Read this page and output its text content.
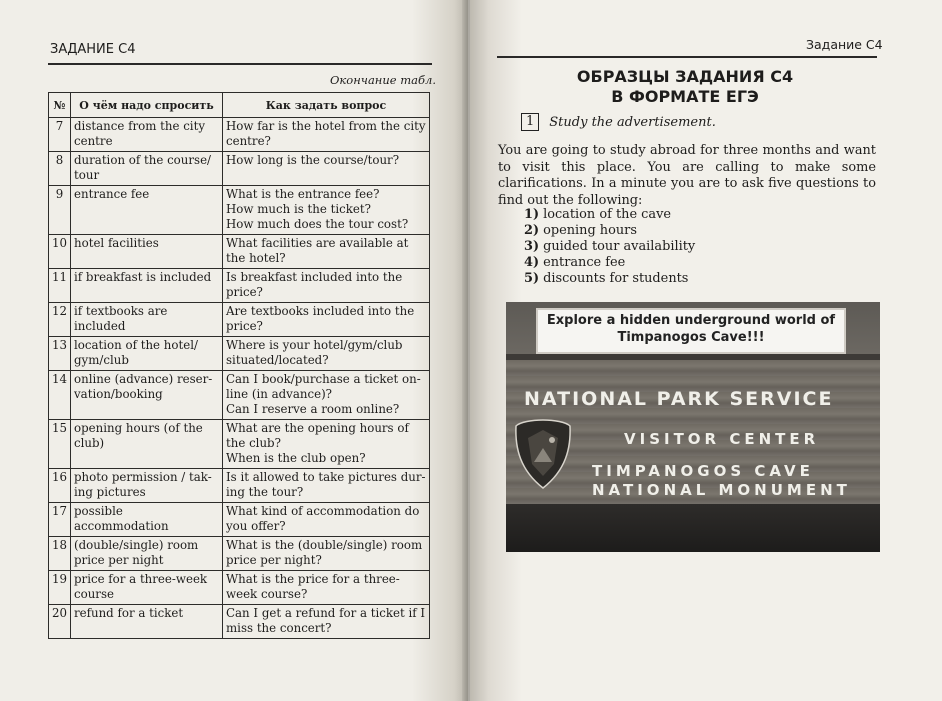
ЗАДАНИЕ С4
Окончание табл.
№	О чём надо спросить	Как задать вопрос
7	distance from the city centre	How far is the hotel from the city centre?

8	duration of the course/ tour	How long is the course/tour?

9	entrance fee	What is the entrance fee?
How much is the ticket?
How much does the tour cost?

10	hotel facilities	What facilities are available at the hotel?

11	if breakfast is included	Is breakfast included into the price?

12	if textbooks are included	Are textbooks included into the price?

13	location of the hotel/ gym/club	Where is your hotel/gym/club situated/located?

14	online (advance) reser-vation/booking	Can I book/purchase a ticket on-line (in advance)?
Can I reserve a room online?

15	opening hours (of the club)	What are the opening hours of the club?
When is the club open?

16	photo permission / tak-ing pictures	Is it allowed to take pictures dur-ing the tour?

17	possible accommodation	What kind of accommodation do you offer?

18	(double/single) room price per night	What is the (double/single) room price per night?

19	price for a three-week course	What is the price for a three-week course?

20	refund for a ticket	Can I get a refund for a ticket if I miss the concert?
Задание С4
ОБРАЗЦЫ ЗАДАНИЯ С4
В ФОРМАТЕ ЕГЭ
1	Study the advertisement.
You are going to study abroad for three months and want
to visit this place. You are calling to make some
clarifications. In a minute you are to ask five questions to
find out the following:
1) location of the cave
2) opening hours
3) guided tour availability
4) entrance fee
5) discounts for students
Explore a hidden underground world of
Timpanogos Cave!!!
NATIONAL PARK SERVICE
VISITOR CENTER
TIMPANOGOS CAVE
NATIONAL MONUMENT
